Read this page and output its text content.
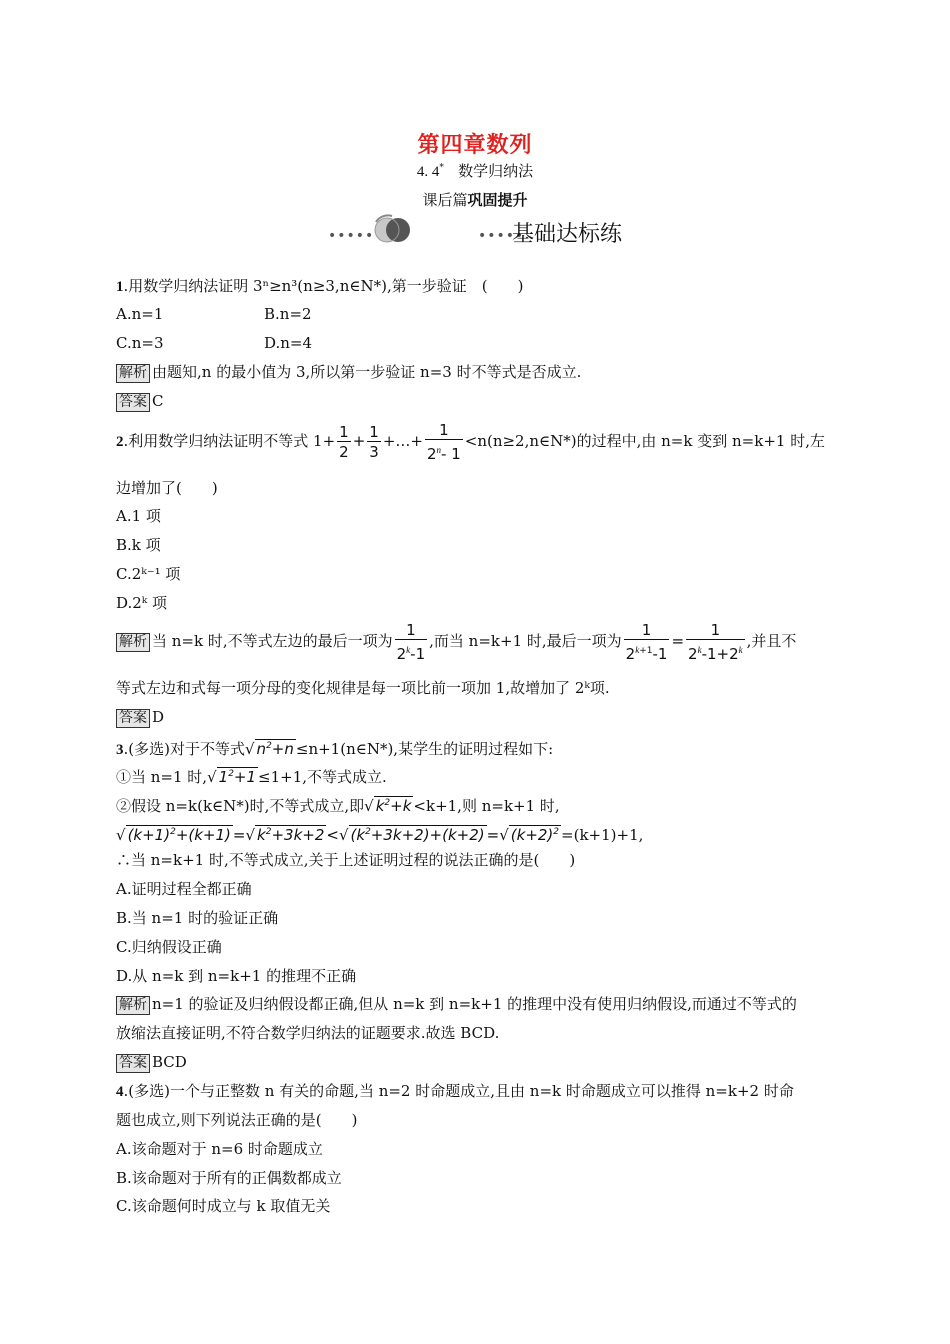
第四章数列
4. 4* 数学归纳法
课后篇巩固提升
•••••	•••••
基础达标练
1.用数学归纳法证明 3ⁿ≥n³(n≥3,n∈N*),第一步验证　(　　)
A.n=1	B.n=2
C.n=3	D.n=4
解析 由题知,n 的最小值为 3,所以第一步验证 n=3 时不等式是否成立.
答案 C
2.利用数学归纳法证明不等式 $1+ \frac{1}{2} + \frac{1}{3}$ +…+ $\frac{1}{2^n- 1}$ <n(n≥2,n∈N*)的过程中,由 n=k 变到 n=k+1 时,左
边增加了(　　)
A.1 项
B.k 项
C.2ᵏ⁻¹ 项
D.2ᵏ 项
解析 当 n=k 时,不等式左边的最后一项为 $\frac{1}{2^k-1}$ ,而当 n=k+1 时,最后一项为 $\frac{1}{2^{k+1}-1} = \frac{1}{2^k-1+2^k}$ ,并且不
等式左边和式每一项分母的变化规律是每一项比前一项加 1,故增加了 2ᵏ项.
答案 D
3.(多选)对于不等式√ $n^2+n$ ≤n+1(n∈N*),某学生的证明过程如下:
①当 n=1 时,√ $1^2+1 \le 1+1$,不等式成立.
②假设 n=k(k∈N*)时,不等式成立,即√ $k^2+k <k+1$,则 n=k+1 时,
√ $(k+1)^2+(k+1)$ =√ $k^2+3k+2$ <√ $(k^2+3k+2)+(k+2)$ =√ $(k+2)^2 =(k+1)+1$,
∴当 n=k+1 时,不等式成立,关于上述证明过程的说法正确的是(　　)
A.证明过程全都正确
B.当 n=1 时的验证正确
C.归纳假设正确
D.从 n=k 到 n=k+1 的推理不正确
解析 n=1 的验证及归纳假设都正确,但从 n=k 到 n=k+1 的推理中没有使用归纳假设,而通过不等式的
放缩法直接证明,不符合数学归纳法的证题要求.故选 BCD.
答案 BCD
4.(多选)一个与正整数 n 有关的命题,当 n=2 时命题成立,且由 n=k 时命题成立可以推得 n=k+2 时命
题也成立,则下列说法正确的是(　　)
A.该命题对于 n=6 时命题成立
B.该命题对于所有的正偶数都成立
C.该命题何时成立与 k 取值无关
